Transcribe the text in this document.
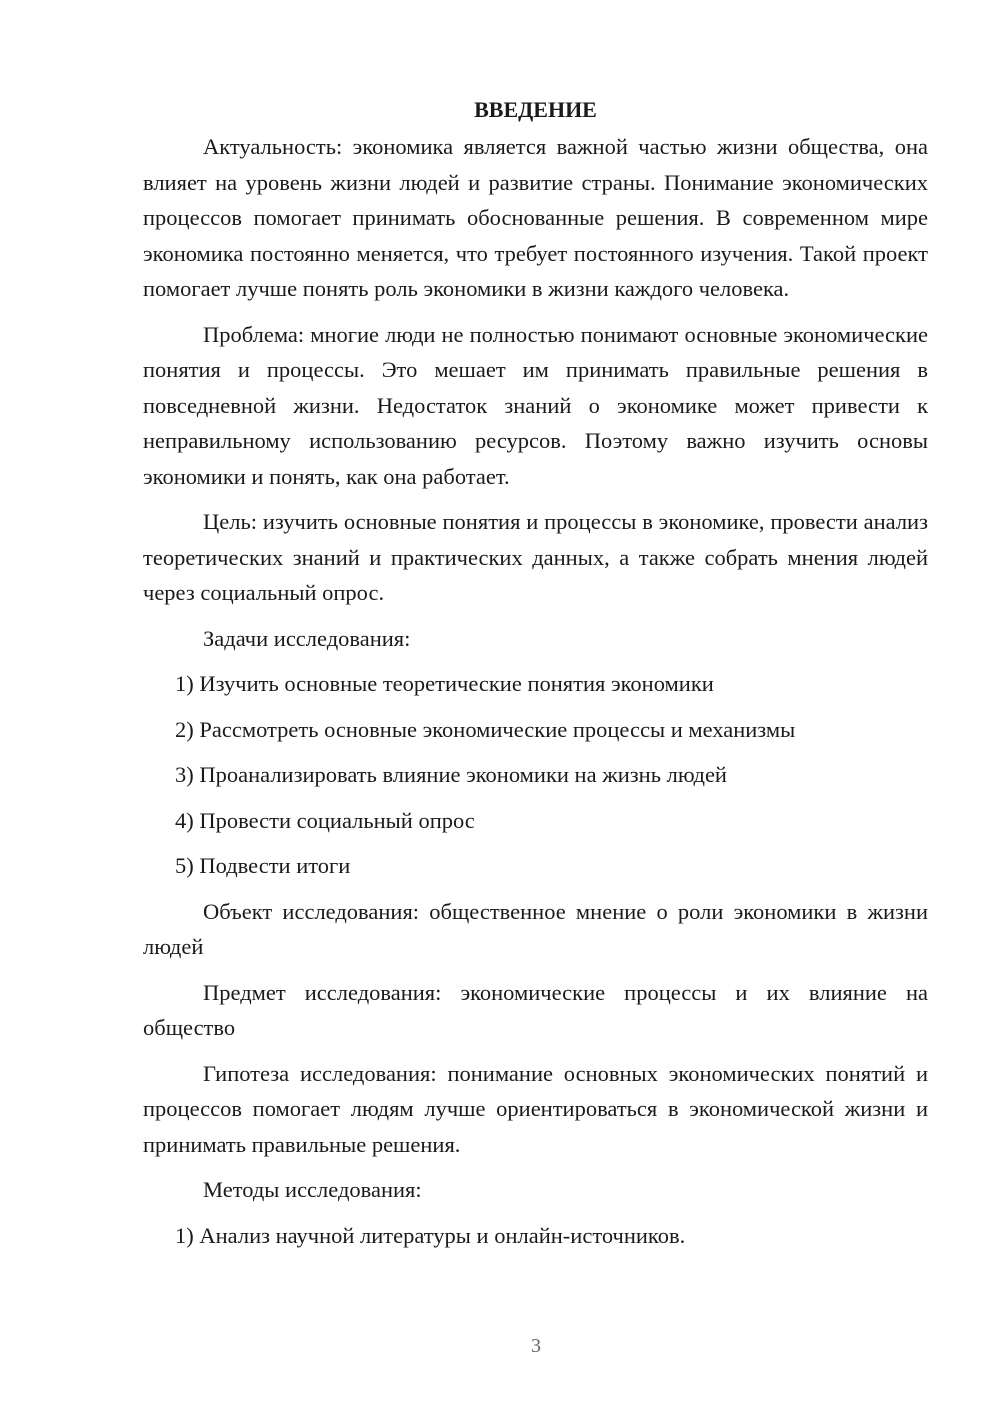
ВВЕДЕНИЕ

Актуальность: экономика является важной частью жизни общества, она влияет на уровень жизни людей и развитие страны. Понимание экономических процессов помогает принимать обоснованные решения. В современном мире экономика постоянно меняется, что требует постоянного изучения. Такой проект помогает лучше понять роль экономики в жизни каждого человека.

Проблема: многие люди не полностью понимают основные экономические понятия и процессы. Это мешает им принимать правильные решения в повседневной жизни. Недостаток знаний о экономике может привести к неправильному использованию ресурсов. Поэтому важно изучить основы экономики и понять, как она работает.

Цель: изучить основные понятия и процессы в экономике, провести анализ теоретических знаний и практических данных, а также собрать мнения людей через социальный опрос.

Задачи исследования:

1) Изучить основные теоретические понятия экономики

2) Рассмотреть основные экономические процессы и механизмы

3) Проанализировать влияние экономики на жизнь людей

4) Провести социальный опрос

5) Подвести итоги

Объект исследования: общественное мнение о роли экономики в жизни людей

Предмет исследования: экономические процессы и их влияние на общество

Гипотеза исследования: понимание основных экономических понятий и процессов помогает людям лучше ориентироваться в экономической жизни и принимать правильные решения.

Методы исследования:

1) Анализ научной литературы и онлайн-источников.

3
